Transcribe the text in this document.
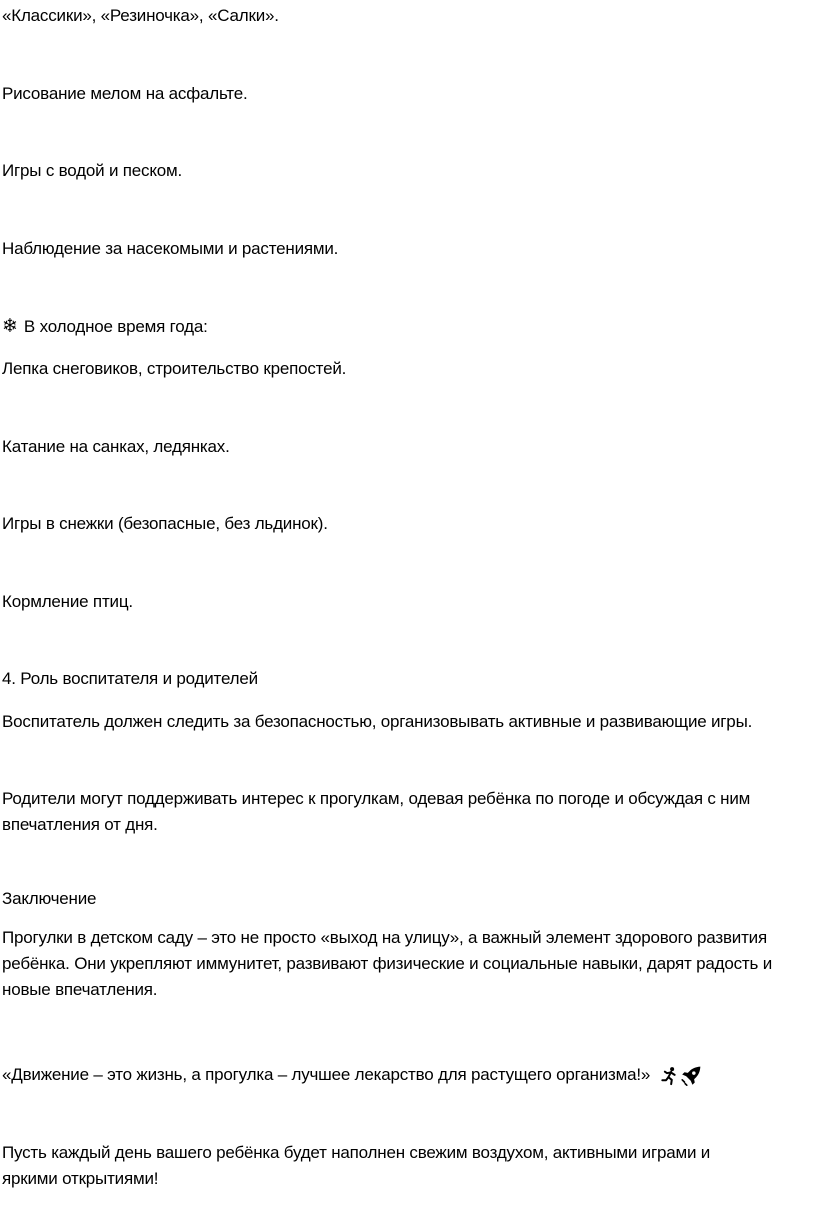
«Классики», «Резиночка», «Салки».
Рисование мелом на асфальте.
Игры с водой и песком.
Наблюдение за насекомыми и растениями.
❄ В холодное время года:
Лепка снеговиков, строительство крепостей.
Катание на санках, ледянках.
Игры в снежки (безопасные, без льдинок).
Кормление птиц.
4. Роль воспитателя и родителей
Воспитатель должен следить за безопасностью, организовывать активные и развивающие игры.
Родители могут поддерживать интерес к прогулкам, одевая ребёнка по погоде и обсуждая с ним
впечатления от дня.
Заключение
Прогулки в детском саду – это не просто «выход на улицу», а важный элемент здорового развития
ребёнка. Они укрепляют иммунитет, развивают физические и социальные навыки, дарят радость и
новые впечатления.
«Движение – это жизнь, а прогулка – лучшее лекарство для растущего организма!»
Пусть каждый день вашего ребёнка будет наполнен свежим воздухом, активными играми и
яркими открытиями!
